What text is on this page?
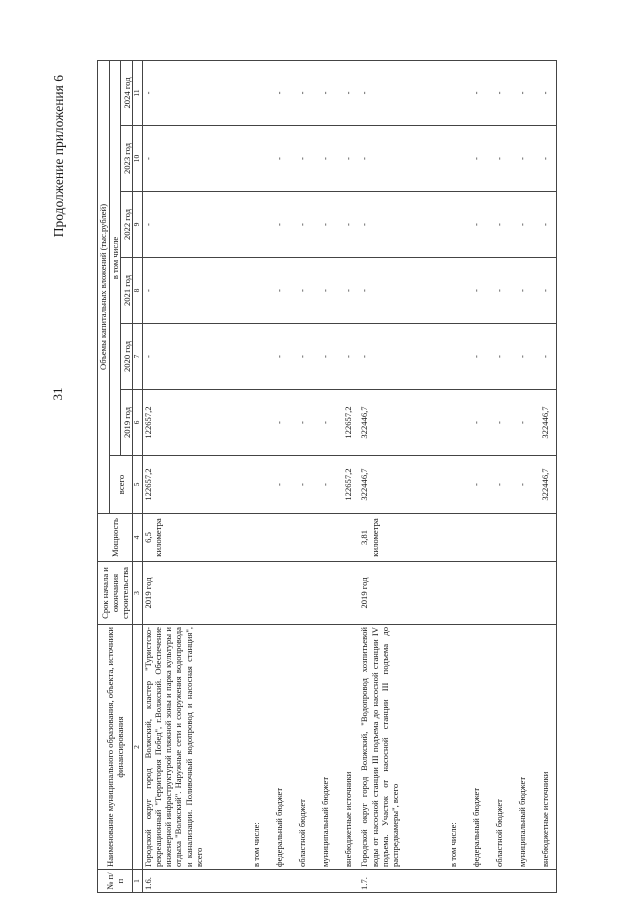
31
Продолжение приложения 6
№ п/п	Наименование муниципального образования, объекта, источники финансирования	Срок начала и окончания строительства	Мощность	Объемы капитальных вложений (тыс.рублей)						
				всего	в том числе					
					2019 год	2020 год	2021 год	2022 год	2023 год	2024 год
1	2	3	4	5	6	7	8	9	10	11
1.6.	Городской округ город Волжский, кластер "Туристско-рекреационный "Территория Побед", г.Волжский. Обеспечение инженерной инфраструктурой пляжной зоны и парка культуры и отдыха "Волжский". Наружные сети и сооружения водопровода и канализации. Поливочный водопровод и насосная станция", всего	2019 год	6,5 километра	122657,2	122657,2	-	-	-	-	-
	в том числе:									
	федеральный бюджет			-	-	-	-	-	-	-
	областной бюджет			-	-	-	-	-	-	-
	муниципальный бюджет			-	-	-	-	-	-	-
	внебюджетные источники			122657,2	122657,2	-	-	-	-	-
1.7.	Городской округ город Волжский, "Водопровод хозпитьевой воды от насосной станции III подъема до насосной станции IV подъема. Участок от насосной станции III подъема до распредкамеры", всего	2019 год	3,81 километра	322446,7	322446,7	-	-	-	-	-
	в том числе:									
	федеральный бюджет			-	-	-	-	-	-	-
	областной бюджет			-	-	-	-	-	-	-
	муниципальный бюджет			-	-	-	-	-	-	-
	внебюджетные источники			322446,7	322446,7	-	-	-	-	-
